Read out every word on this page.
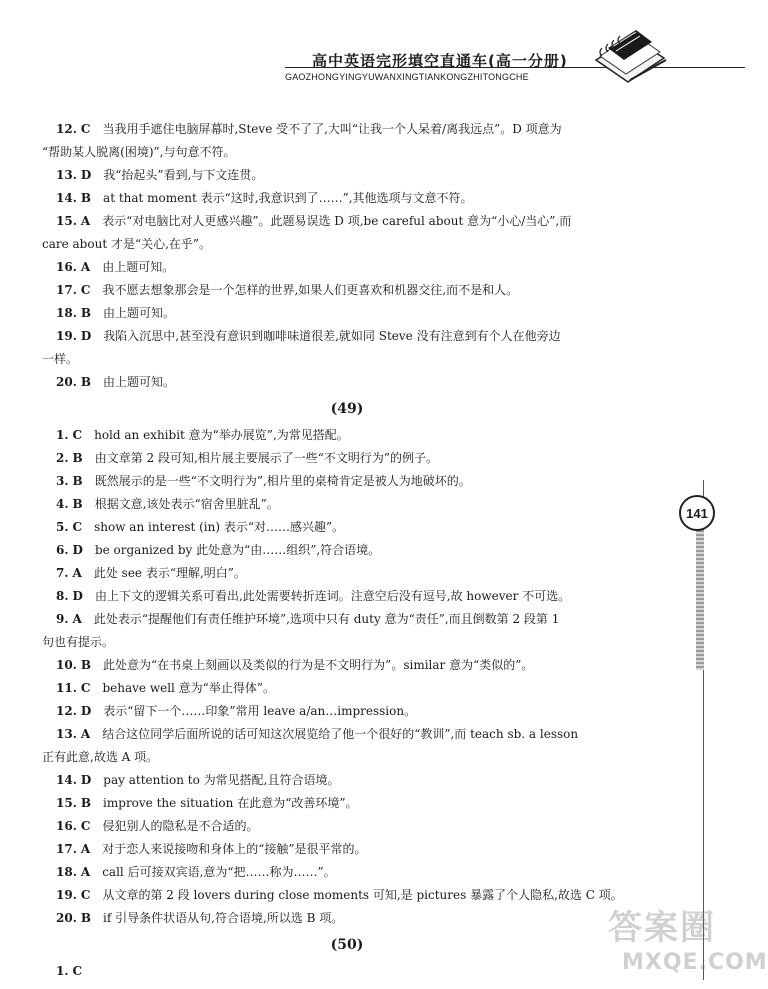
高中英语完形填空直通车(高一分册)
GAOZHONGYINGYUWANXINGTIANKONGZHITONGCHE
12. C 当我用手遮住电脑屏幕时,Steve 受不了了,大叫“让我一个人呆着/离我远点”。D 项意为
“帮助某人脱离(困境)”,与句意不符。
13. D 我“抬起头”看到,与下文连贯。
14. B at that moment 表示“这时,我意识到了……”,其他选项与文意不符。
15. A 表示“对电脑比对人更感兴趣”。此题易误选 D 项,be careful about 意为“小心/当心”,而
care about 才是“关心,在乎”。
16. A 由上题可知。
17. C 我不愿去想象那会是一个怎样的世界,如果人们更喜欢和机器交往,而不是和人。
18. B 由上题可知。
19. D 我陷入沉思中,甚至没有意识到咖啡味道很差,就如同 Steve 没有注意到有个人在他旁边
一样。
20. B 由上题可知。
(49)
1. C hold an exhibit 意为“举办展览”,为常见搭配。
2. B 由文章第 2 段可知,相片展主要展示了一些“不文明行为”的例子。
3. B 既然展示的是一些“不文明行为”,相片里的桌椅肯定是被人为地破坏的。
4. B 根据文意,该处表示“宿舍里脏乱”。
5. C show an interest (in) 表示“对……感兴趣”。
6. D be organized by 此处意为“由……组织”,符合语境。
7. A 此处 see 表示“理解,明白”。
8. D 由上下文的逻辑关系可看出,此处需要转折连词。注意空后没有逗号,故 however 不可选。
9. A 此处表示“提醒他们有责任维护环境”,选项中只有 duty 意为“责任”,而且倒数第 2 段第 1
句也有提示。
10. B 此处意为“在书桌上刻画以及类似的行为是不文明行为”。similar 意为“类似的”。
11. C behave well 意为“举止得体”。
12. D 表示“留下一个……印象”常用 leave a/an…impression。
13. A 结合这位同学后面所说的话可知这次展览给了他一个很好的“教训”,而 teach sb. a lesson
正有此意,故选 A 项。
14. D pay attention to 为常见搭配,且符合语境。
15. B improve the situation 在此意为“改善环境”。
16. C 侵犯别人的隐私是不合适的。
17. A 对于恋人来说接吻和身体上的“接触”是很平常的。
18. A call 后可接双宾语,意为“把……称为……”。
19. C 从文章的第 2 段 lovers during close moments 可知,是 pictures 暴露了个人隐私,故选 C 项。
20. B if 引导条件状语从句,符合语境,所以选 B 项。
(50)
1. C
141
答案圈
MXQE.COM
